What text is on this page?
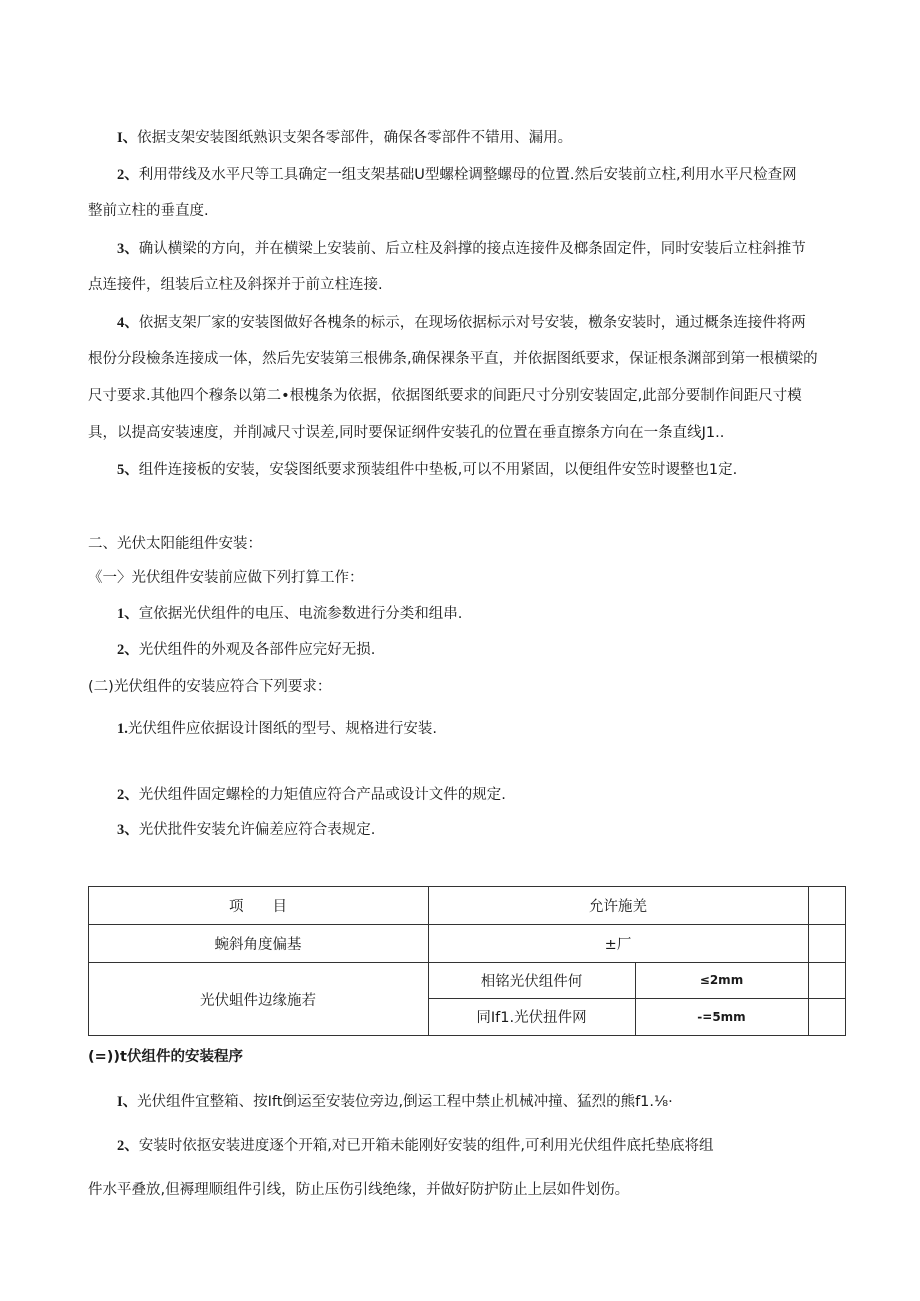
I、依据支架安装图纸熟识支架各零部件，确保各零部件不错用、漏用。
2、利用带线及水平尺等工具确定一组支架基础U型螺栓调整螺母的位置.然后安装前立柱,利用水平尺检查网
整前立柱的垂直度.
3、确认横梁的方向，并在横梁上安装前、后立柱及斜撑的接点连接件及榔条固定件，同时安装后立柱斜推节
点连接件，组装后立柱及斜探并于前立柱连接.
4、依据支架厂家的安装图做好各槐条的标示，在现场依据标示对号安装，檄条安装时，通过概条连接件将两
根份分段檢条连接成一体，然后先安装第三根佛条,确保裸条平直，并依据图纸要求，保证根条渊部到第一根横梁的
尺寸要求.其他四个穆条以第二•根槐条为依据，依据图纸要求的间距尺寸分别安装固定,此部分要制作间距尺寸模
具，以提高安装速度，并削减尺寸误差,同时要保证纲件安装孔的位置在垂直擦条方向在一条直线J1..
5、组件连接板的安装，安袋图纸要求预装组件中垫板,可以不用紧固，以便组件安笠时谡整也1定.
二、光伏太阳能组件安装：
《一〉光伏组件安装前应做下列打算工作：
1、宣依据光伏组件的电压、电流参数进行分类和组串.
2、光伏组件的外观及各部件应完好无损.
(二)光伏组件的安装应符合下列要求：
1.光伏组件应依据设计图纸的型号、规格进行安装.
2、光伏组件固定螺栓的力矩值应符合产品或设计文件的规定.
3、光伏批件安装允许偏差应符合表规定.
项　　目	允许施羌
蜿斜角度偏基	±厂
光伏蛆件边缘施若
相铭光伏组件何	≤2mm
同If1.光伏扭件网	-=5mm
(=))t伏组件的安装程序
I、光伏组件宜整箱、按Ift倒运至安装位旁边,倒运工程中禁止机械冲撞、猛烈的熊f1.⅛·
2、安装时依抠安装进度逐个开箱,对已开箱未能刚好安装的组件,可利用光伏组件底托垫底将组
件水平叠放,但褥理顺组件引线，防止压伤引线绝缘，并做好防护防止上层如件划伤。
